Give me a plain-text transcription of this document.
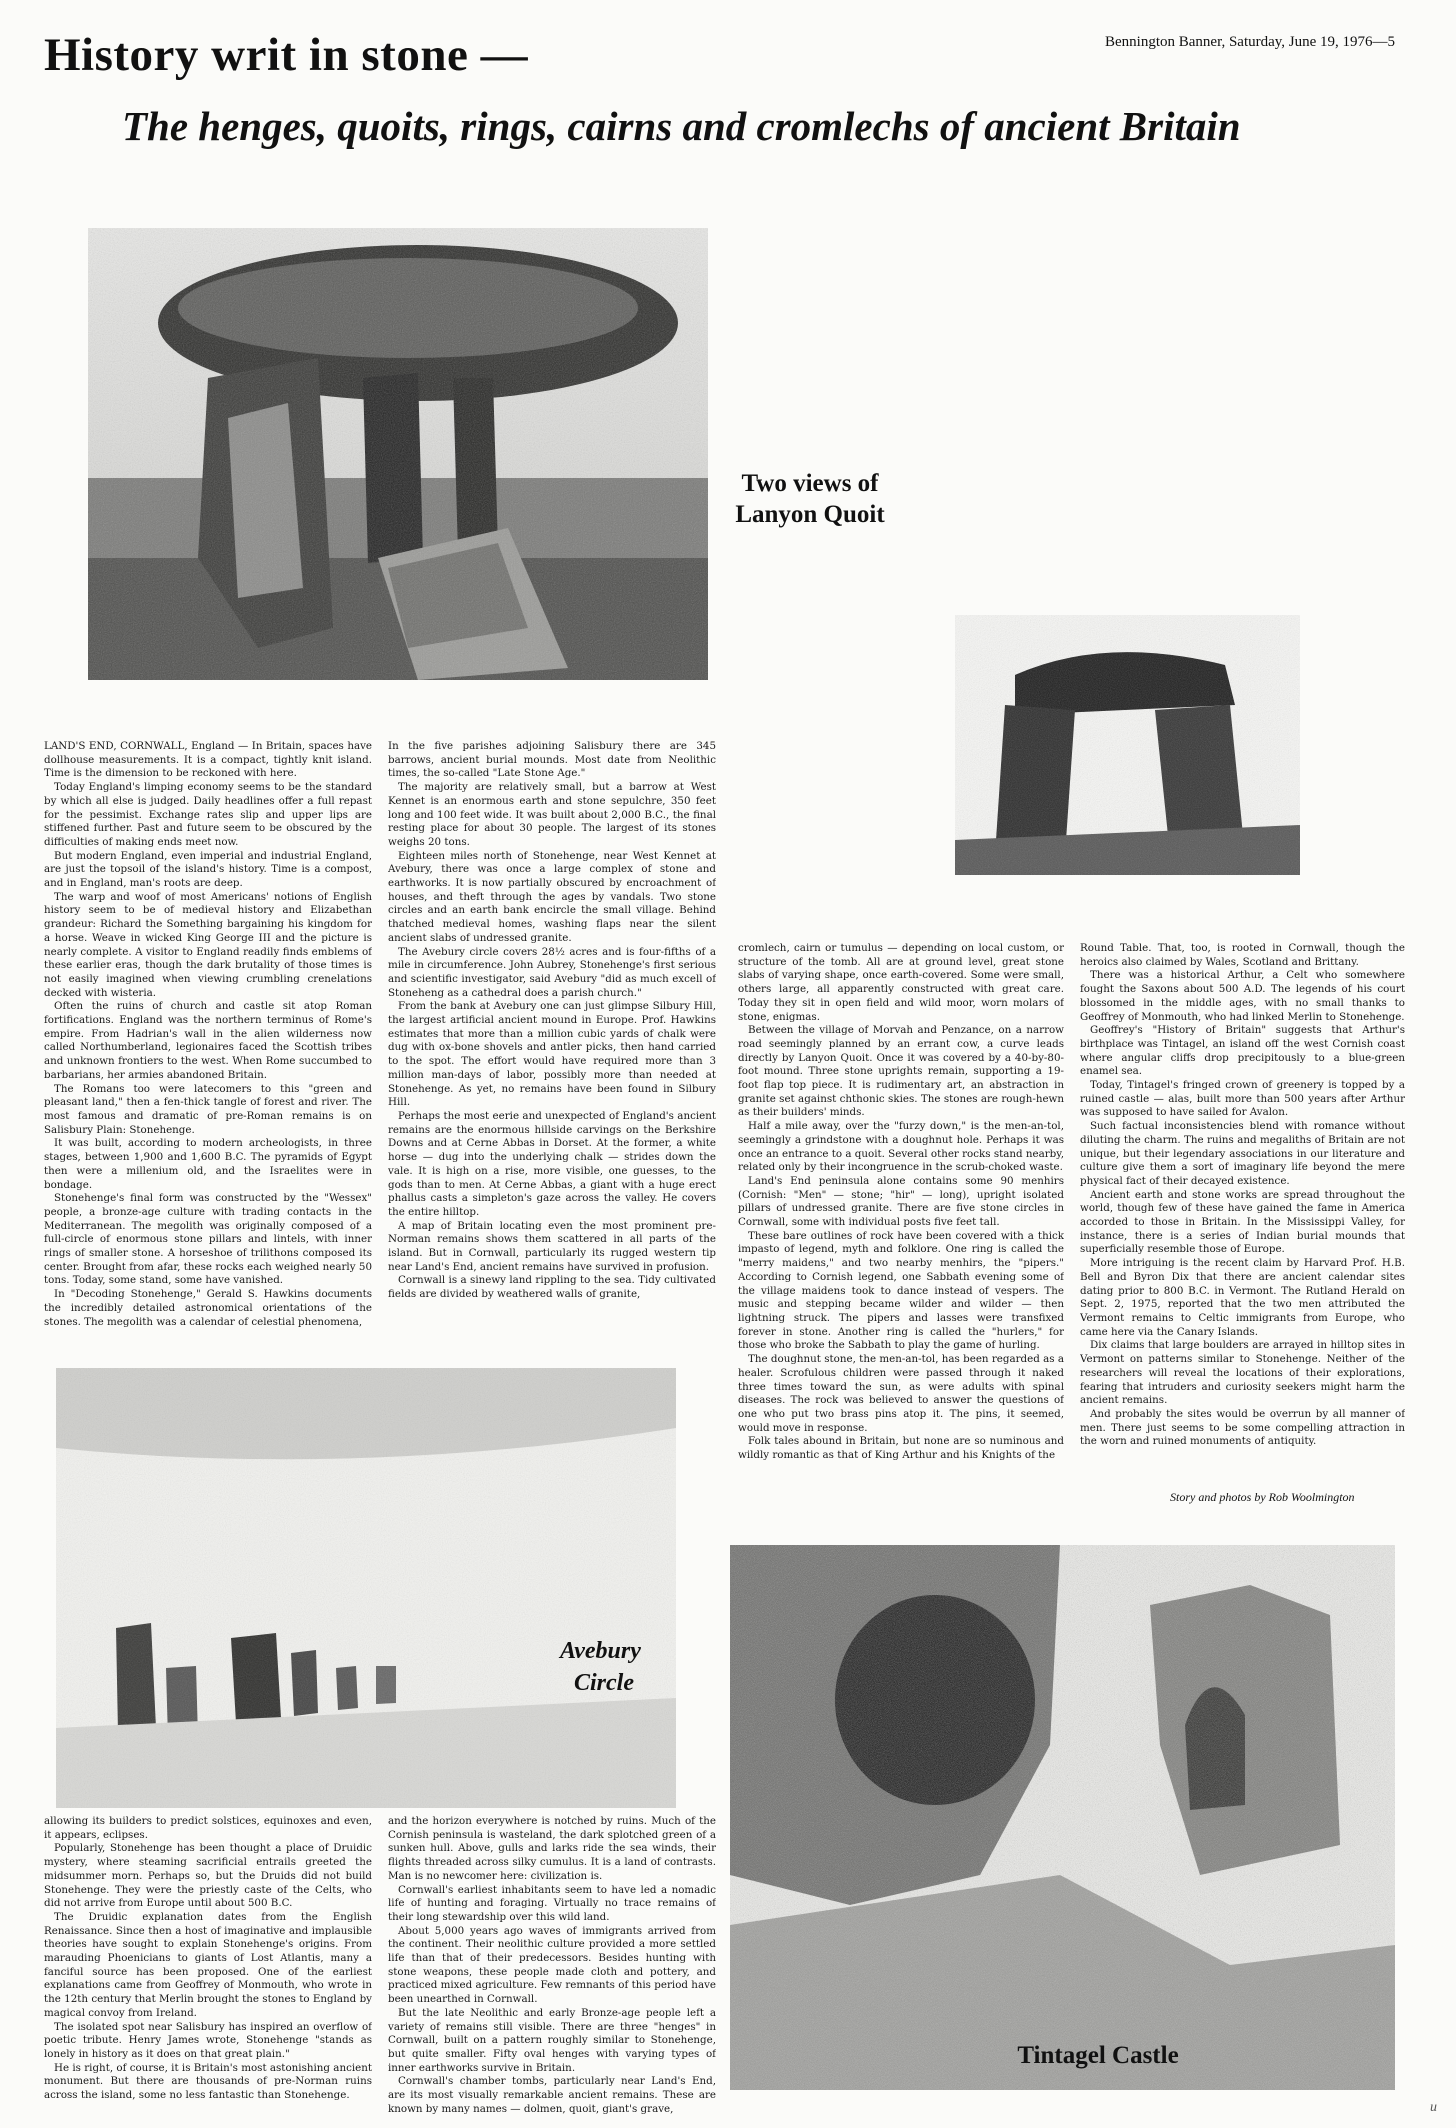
History writ in stone —	Bennington Banner, Saturday, June 19, 1976—5
The henges, quoits, rings, cairns and cromlechs of ancient Britain
Two views of Lanyon Quoit
Avebury
Circle
Tintagel Castle

LAND'S END, CORNWALL, England — In Britain, spaces have dollhouse measurements. It is a compact, tightly knit island. Time is the dimension to be reckoned with here.

Today England's limping economy seems to be the standard by which all else is judged. Daily headlines offer a full repast for the pessimist. Exchange rates slip and upper lips are stiffened further. Past and future seem to be obscured by the difficulties of making ends meet now.

But modern England, even imperial and industrial England, are just the topsoil of the island's history. Time is a compost, and in England, man's roots are deep.

The warp and woof of most Americans' notions of English history seem to be of medieval history and Elizabethan grandeur: Richard the Something bargaining his kingdom for a horse. Weave in wicked King George III and the picture is nearly complete. A visitor to England readily finds emblems of these earlier eras, though the dark brutality of those times is not easily imagined when viewing crumbling crenelations decked with wisteria.

Often the ruins of church and castle sit atop Roman fortifications. England was the northern terminus of Rome's empire. From Hadrian's wall in the alien wilderness now called Northumberland, legionaires faced the Scottish tribes and unknown frontiers to the west. When Rome succumbed to barbarians, her armies abandoned Britain.

The Romans too were latecomers to this "green and pleasant land," then a fen-thick tangle of forest and river. The most famous and dramatic of pre-Roman remains is on Salisbury Plain: Stonehenge.

It was built, according to modern archeologists, in three stages, between 1,900 and 1,600 B.C. The pyramids of Egypt then were a millenium old, and the Israelites were in bondage.

Stonehenge's final form was constructed by the "Wessex" people, a bronze-age culture with trading contacts in the Mediterranean. The megolith was originally composed of a full-circle of enormous stone pillars and lintels, with inner rings of smaller stone. A horseshoe of trilithons composed its center. Brought from afar, these rocks each weighed nearly 50 tons. Today, some stand, some have vanished.

In "Decoding Stonehenge," Gerald S. Hawkins documents the incredibly detailed astronomical orientations of the stones. The megolith was a calendar of celestial phenomena,

In the five parishes adjoining Salisbury there are 345 barrows, ancient burial mounds. Most date from Neolithic times, the so-called "Late Stone Age."

The majority are relatively small, but a barrow at West Kennet is an enormous earth and stone sepulchre, 350 feet long and 100 feet wide. It was built about 2,000 B.C., the final resting place for about 30 people. The largest of its stones weighs 20 tons.

Eighteen miles north of Stonehenge, near West Kennet at Avebury, there was once a large complex of stone and earthworks. It is now partially obscured by encroachment of houses, and theft through the ages by vandals. Two stone circles and an earth bank encircle the small village. Behind thatched medieval homes, washing flaps near the silent ancient slabs of undressed granite.

The Avebury circle covers 28½ acres and is four-fifths of a mile in circumference. John Aubrey, Stonehenge's first serious and scientific investigator, said Avebury "did as much excell of Stoneheng as a cathedral does a parish church."

From the bank at Avebury one can just glimpse Silbury Hill, the largest artificial ancient mound in Europe. Prof. Hawkins estimates that more than a million cubic yards of chalk were dug with ox-bone shovels and antler picks, then hand carried to the spot. The effort would have required more than 3 million man-days of labor, possibly more than needed at Stonehenge. As yet, no remains have been found in Silbury Hill.

Perhaps the most eerie and unexpected of England's ancient remains are the enormous hillside carvings on the Berkshire Downs and at Cerne Abbas in Dorset. At the former, a white horse — dug into the underlying chalk — strides down the vale. It is high on a rise, more visible, one guesses, to the gods than to men. At Cerne Abbas, a giant with a huge erect phallus casts a simpleton's gaze across the valley. He covers the entire hilltop.

A map of Britain locating even the most prominent pre-Norman remains shows them scattered in all parts of the island. But in Cornwall, particularly its rugged western tip near Land's End, ancient remains have survived in profusion.

Cornwall is a sinewy land rippling to the sea. Tidy cultivated fields are divided by weathered walls of granite,

cromlech, cairn or tumulus — depending on local custom, or structure of the tomb. All are at ground level, great stone slabs of varying shape, once earth-covered. Some were small, others large, all apparently constructed with great care. Today they sit in open field and wild moor, worn molars of stone, enigmas.

Between the village of Morvah and Penzance, on a narrow road seemingly planned by an errant cow, a curve leads directly by Lanyon Quoit. Once it was covered by a 40-by-80-foot mound. Three stone uprights remain, supporting a 19-foot flap top piece. It is rudimentary art, an abstraction in granite set against chthonic skies. The stones are rough-hewn as their builders' minds.

Half a mile away, over the "furzy down," is the men-an-tol, seemingly a grindstone with a doughnut hole. Perhaps it was once an entrance to a quoit. Several other rocks stand nearby, related only by their incongruence in the scrub-choked waste.

Land's End peninsula alone contains some 90 menhirs (Cornish: "Men" — stone; "hir" — long), upright isolated pillars of undressed granite. There are five stone circles in Cornwall, some with individual posts five feet tall.

These bare outlines of rock have been covered with a thick impasto of legend, myth and folklore. One ring is called the "merry maidens," and two nearby menhirs, the "pipers." According to Cornish legend, one Sabbath evening some of the village maidens took to dance instead of vespers. The music and stepping became wilder and wilder — then lightning struck. The pipers and lasses were transfixed forever in stone. Another ring is called the "hurlers," for those who broke the Sabbath to play the game of hurling.

The doughnut stone, the men-an-tol, has been regarded as a healer. Scrofulous children were passed through it naked three times toward the sun, as were adults with spinal diseases. The rock was believed to answer the questions of one who put two brass pins atop it. The pins, it seemed, would move in response.

Folk tales abound in Britain, but none are so numinous and wildly romantic as that of King Arthur and his Knights of the

Round Table. That, too, is rooted in Cornwall, though the heroics also claimed by Wales, Scotland and Brittany.

There was a historical Arthur, a Celt who somewhere fought the Saxons about 500 A.D. The legends of his court blossomed in the middle ages, with no small thanks to Geoffrey of Monmouth, who had linked Merlin to Stonehenge.

Geoffrey's "History of Britain" suggests that Arthur's birthplace was Tintagel, an island off the west Cornish coast where angular cliffs drop precipitously to a blue-green enamel sea.

Today, Tintagel's fringed crown of greenery is topped by a ruined castle — alas, built more than 500 years after Arthur was supposed to have sailed for Avalon.

Such factual inconsistencies blend with romance without diluting the charm. The ruins and megaliths of Britain are not unique, but their legendary associations in our literature and culture give them a sort of imaginary life beyond the mere physical fact of their decayed existence.

Ancient earth and stone works are spread throughout the world, though few of these have gained the fame in America accorded to those in Britain. In the Mississippi Valley, for instance, there is a series of Indian burial mounds that superficially resemble those of Europe.

More intriguing is the recent claim by Harvard Prof. H.B. Bell and Byron Dix that there are ancient calendar sites dating prior to 800 B.C. in Vermont. The Rutland Herald on Sept. 2, 1975, reported that the two men attributed the Vermont remains to Celtic immigrants from Europe, who came here via the Canary Islands.

Dix claims that large boulders are arrayed in hilltop sites in Vermont on patterns similar to Stonehenge. Neither of the researchers will reveal the locations of their explorations, fearing that intruders and curiosity seekers might harm the ancient remains.

And probably the sites would be overrun by all manner of men. There just seems to be some compelling attraction in the worn and ruined monuments of antiquity.

Story and photos by Rob Woolmington

allowing its builders to predict solstices, equinoxes and even, it appears, eclipses.

Popularly, Stonehenge has been thought a place of Druidic mystery, where steaming sacrificial entrails greeted the midsummer morn. Perhaps so, but the Druids did not build Stonehenge. They were the priestly caste of the Celts, who did not arrive from Europe until about 500 B.C.

The Druidic explanation dates from the English Renaissance. Since then a host of imaginative and implausible theories have sought to explain Stonehenge's origins. From marauding Phoenicians to giants of Lost Atlantis, many a fanciful source has been proposed. One of the earliest explanations came from Geoffrey of Monmouth, who wrote in the 12th century that Merlin brought the stones to England by magical convoy from Ireland.

The isolated spot near Salisbury has inspired an overflow of poetic tribute. Henry James wrote, Stonehenge "stands as lonely in history as it does on that great plain."

He is right, of course, it is Britain's most astonishing ancient monument. But there are thousands of pre-Norman ruins across the island, some no less fantastic than Stonehenge.

and the horizon everywhere is notched by ruins. Much of the Cornish peninsula is wasteland, the dark splotched green of a sunken hull. Above, gulls and larks ride the sea winds, their flights threaded across silky cumulus. It is a land of contrasts. Man is no newcomer here: civilization is.

Cornwall's earliest inhabitants seem to have led a nomadic life of hunting and foraging. Virtually no trace remains of their long stewardship over this wild land.

About 5,000 years ago waves of immigrants arrived from the continent. Their neolithic culture provided a more settled life than that of their predecessors. Besides hunting with stone weapons, these people made cloth and pottery, and practiced mixed agriculture. Few remnants of this period have been unearthed in Cornwall.

But the late Neolithic and early Bronze-age people left a variety of remains still visible. There are three "henges" in Cornwall, built on a pattern roughly similar to Stonehenge, but quite smaller. Fifty oval henges with varying types of inner earthworks survive in Britain.

Cornwall's chamber tombs, particularly near Land's End, are its most visually remarkable ancient remains. These are known by many names — dolmen, quoit, giant's grave,	u
